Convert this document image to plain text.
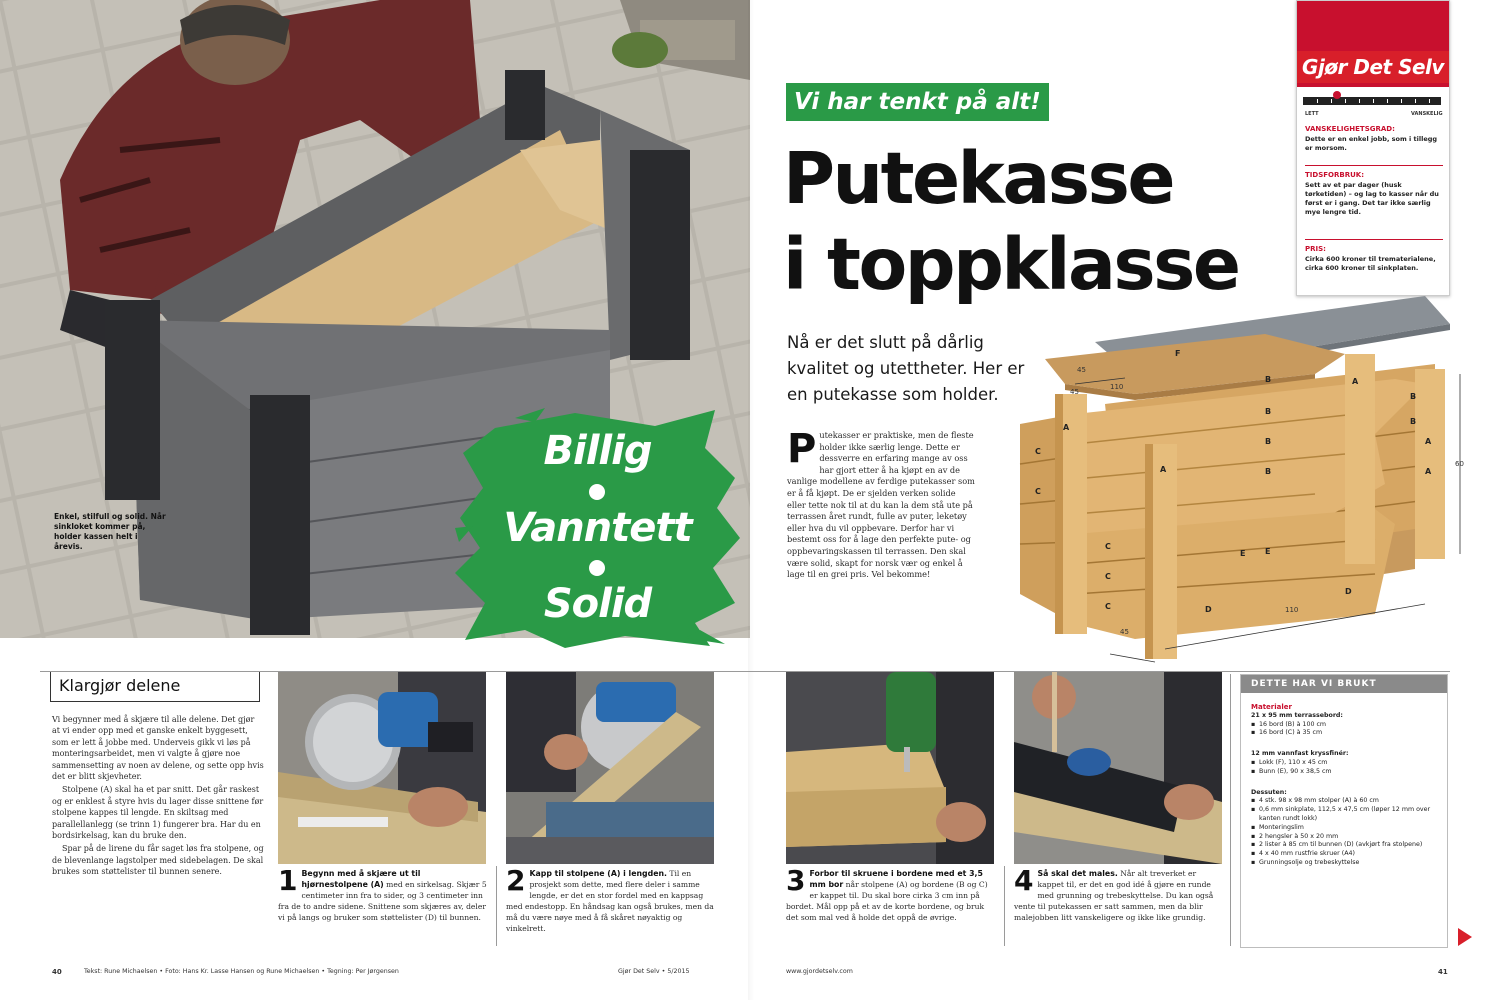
Enkel, stilfull og solid. Når sinkloket kommer på, holder kassen helt i årevis.
Billig
Vanntett
Solid
Vi har tenkt på alt!
Putekasse
i toppklasse
Nå er det slutt på dårlig kvalitet og utettheter. Her er en putekasse som holder.
Putekasser er praktiske, men de fleste holder ikke særlig lenge. Dette er dessverre en erfaring mange av oss har gjort etter å ha kjøpt en av de vanlige modellene av ferdige putekasser som er å få kjøpt. De er sjelden verken solide eller tette nok til at du kan la dem stå ute på terrassen året rundt, fulle av puter, leketøy eller hva du vil oppbevare. Derfor har vi bestemt oss for å lage den perfekte pute- og oppbevaringskassen til terrassen. Den skal være solid, skapt for norsk vær og enkel å lage til en grei pris. Vel bekomme!
Gjør Det Selv
LETT	VANSKELIG
VANSKELIGHETSGRAD:
Dette er en enkel jobb, som i tillegg er morsom.
TIDSFORBRUK:
Sett av et par dager (husk tørketiden) – og lag to kasser når du først er i gang. Det tar ikke særlig mye lengre tid.
PRIS:
Cirka 600 kroner til trematerialene, cirka 600 kroner til sinkplaten.
F
E
A
B
B
B
A
A
B
B
C
C
A
A
B
C
C
C
E
D
D
45
110
45
110
45
60
Klargjør delene

Vi begynner med å skjære til alle delene. Det gjør at vi ender opp med et ganske enkelt byggesett, som er lett å jobbe med. Underveis gikk vi løs på monteringsarbeidet, men vi valgte å gjøre noe sammensetting av noen av delene, og sette opp hvis det er blitt skjevheter.

Stolpene (A) skal ha et par snitt. Det går raskest og er enklest å styre hvis du lager disse snittene før stolpene kappes til lengde. En skiltsag med parallellanlegg (se trinn 1) fungerer bra. Har du en bordsirkelsag, kan du bruke den.

Spar på de lirene du får saget løs fra stolpene, og de blevenlange lagstolper med sidebelagen. De skal brukes som støttelister til bunnen senere.	1 Begynn med å skjære ut til hjørnestolpene (A) med en sirkelsag. Skjær 5 centimeter inn fra to sider, og 3 centimeter inn fra de to andre sidene. Snittene som skjæres av, deler vi på langs og bruker som støttelister (D) til bunnen.
2 Kapp til stolpene (A) i lengden. Til en prosjekt som dette, med flere deler i samme lengde, er det en stor fordel med en kappsag med endestopp. En håndsag kan også brukes, men da må du være nøye med å få skåret nøyaktig og vinkelrett.
3 Forbor til skruene i bordene med et 3,5 mm bor når stolpene (A) og bordene (B og C) er kappet til. Du skal bore cirka 3 cm inn på bordet. Mål opp på et av de korte bordene, og bruk det som mal ved å holde det oppå de øvrige.
4 Så skal det males. Når alt treverket er kappet til, er det en god idé å gjøre en runde med grunning og trebeskyttelse. Du kan også vente til putekassen er satt sammen, men da blir malejobben litt vanskeligere og ikke like grundig.
DETTE HAR VI BRUKT
Materialer
21 x 95 mm terrassebord:
▪ 16 bord (B) à 100 cm
▪ 16 bord (C) à 35 cm
12 mm vannfast kryssfinér:
▪ Lokk (F), 110 x 45 cm
▪ Bunn (E), 90 x 38,5 cm
Dessuten:
▪ 4 stk. 98 x 98 mm stolper (A) à 60 cm
▪ 0,6 mm sinkplate, 112,5 x 47,5 cm (løper 12 mm over kanten rundt lokk)
▪ Monteringslim
▪ 2 hengsler à 50 x 20 mm
▪ 2 lister à 85 cm til bunnen (D) (avkjørt fra stolpene)
▪ 4 x 40 mm rustfrie skruer (A4)
▪ Grunningsolje og trebeskyttelse
40	Tekst: Rune Michaelsen • Foto: Hans Kr. Lasse Hansen og Rune Michaelsen • Tegning: Per Jørgensen	Gjør Det Selv • 5/2015	www.gjordetselv.com	41
